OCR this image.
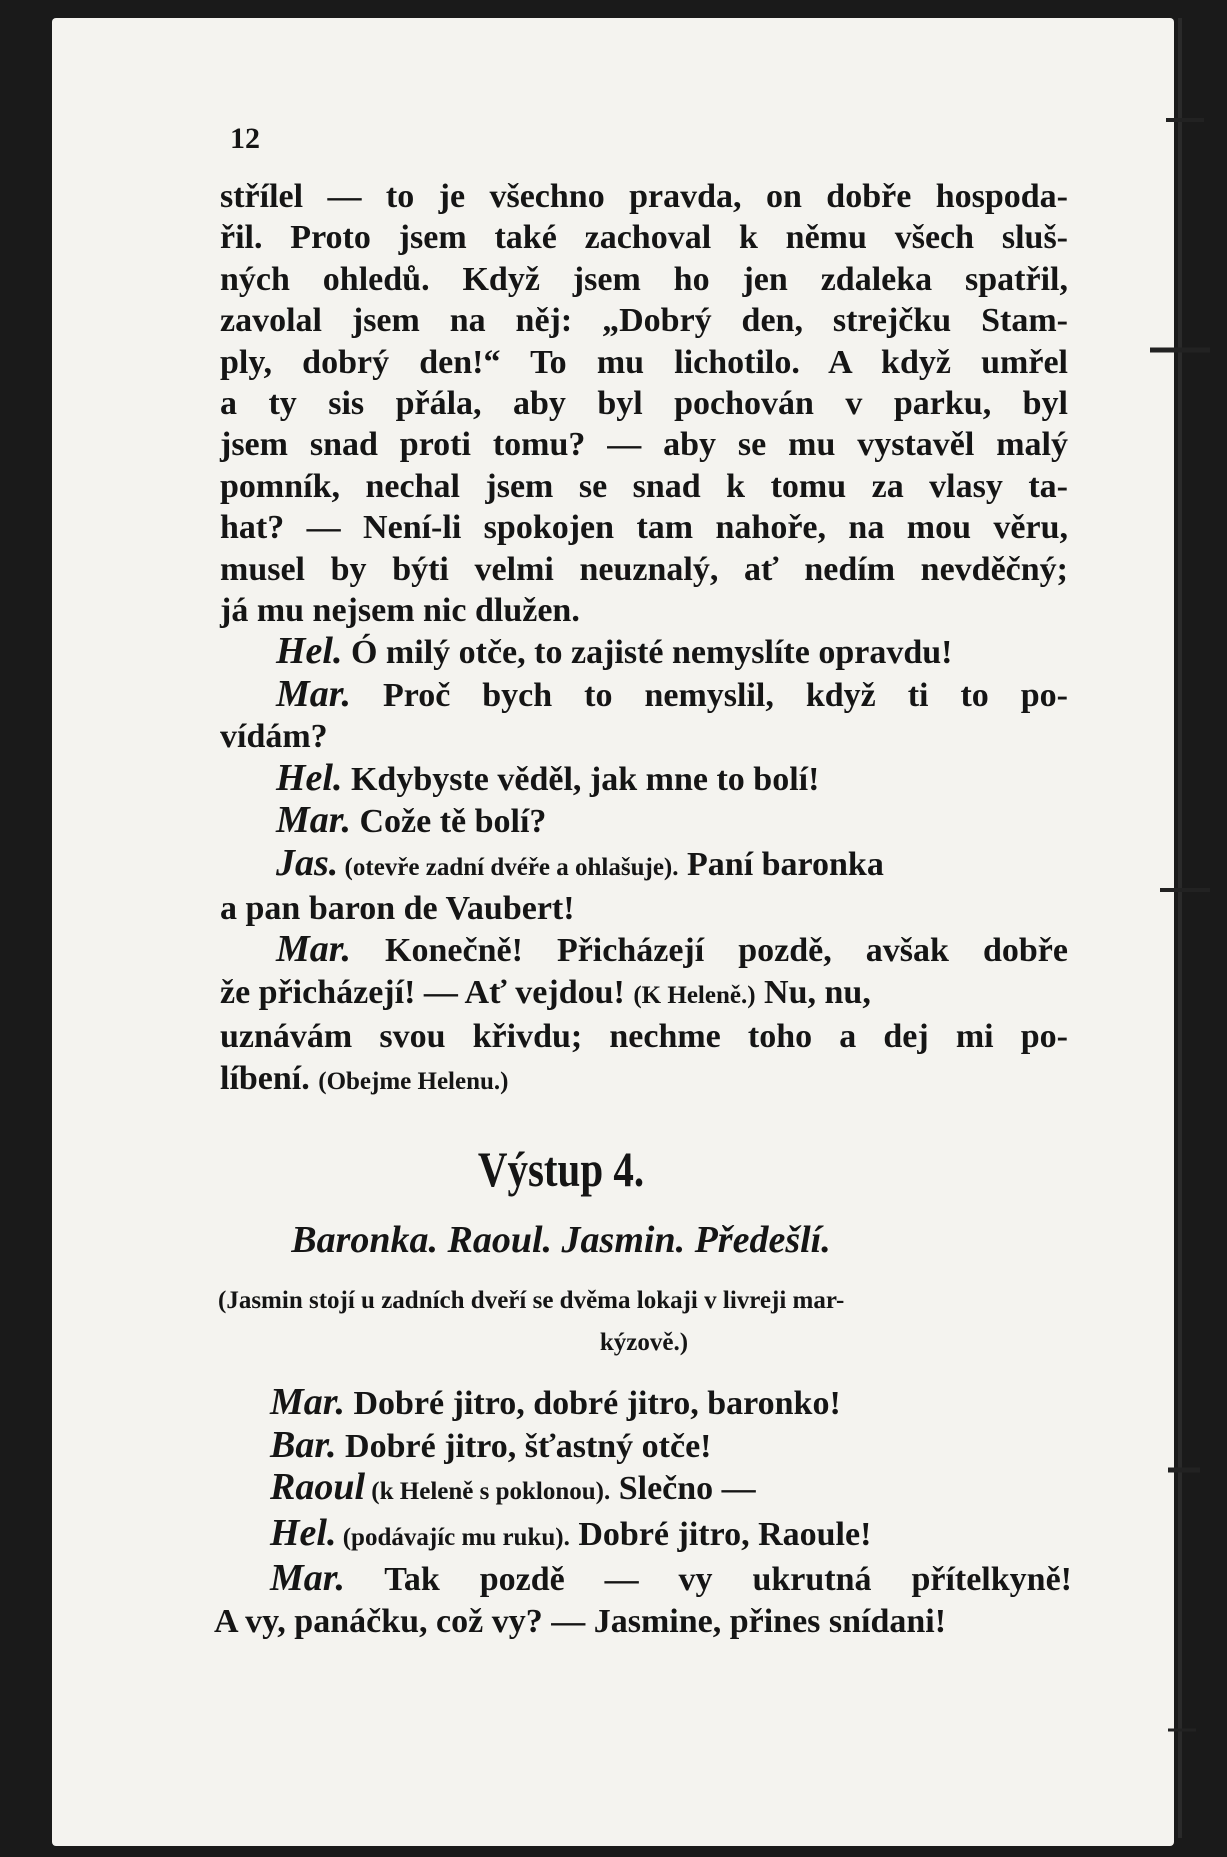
12
střílel — to je všechno pravda, on dobře hospoda-
řil. Proto jsem také zachoval k němu všech sluš-
ných ohledů. Když jsem ho jen zdaleka spatřil,
zavolal jsem na něj: „Dobrý den, strejčku Stam-
ply, dobrý den!“ To mu lichotilo. A když umřel
a ty sis přála, aby byl pochován v parku, byl
jsem snad proti tomu? — aby se mu vystavěl malý
pomník, nechal jsem se snad k tomu za vlasy ta-
hat? — Není-li spokojen tam nahoře, na mou věru,
musel by býti velmi neuznalý, ať nedím nevděčný;
já mu nejsem nic dlužen.
Hel. Ó milý otče, to zajisté nemyslíte opravdu!
Mar. Proč bych to nemyslil, když ti to po-
vídám?
Hel. Kdybyste věděl, jak mne to bolí!
Mar. Cože tě bolí?
Jas. (otevře zadní dvéře a ohlašuje). Paní baronka
a pan baron de Vaubert!
Mar. Konečně! Přicházejí pozdě, avšak dobře
že přicházejí! — Ať vejdou! (K Heleně.) Nu, nu,
uznávám svou křivdu; nechme toho a dej mi po-
líbení. (Obejme Helenu.)
Výstup 4.
Baronka. Raoul. Jasmin. Předešlí.
(Jasmin stojí u zadních dveří se dvěma lokaji v livreji mar-
kýzově.)
Mar. Dobré jitro, dobré jitro, baronko!
Bar. Dobré jitro, šťastný otče!
Raoul (k Heleně s poklonou). Slečno —
Hel. (podávajíc mu ruku). Dobré jitro, Raoule!
Mar. Tak pozdě — vy ukrutná přítelkyně!
A vy, panáčku, což vy? — Jasmine, přines snídani!
